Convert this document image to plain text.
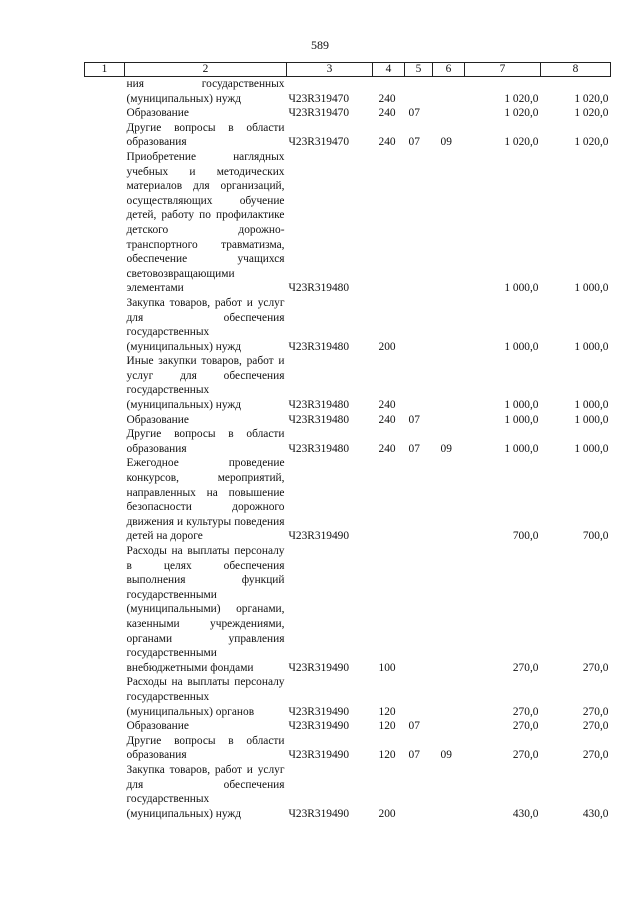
589
1	2	3	4	5	6	7	8
	ния государственных (муниципальных) нужд	Ч23R319470	240			1 020,0	1 020,0
	Образование	Ч23R319470	240	07		1 020,0	1 020,0
	Другие вопросы в области образования	Ч23R319470	240	07	09	1 020,0	1 020,0
	Приобретение наглядных учебных и методических материалов для организаций, осуществляющих обучение детей, работу по профилактике детского дорожно-транспортного травматизма, обеспечение учащихся световозвращающими элементами	Ч23R319480				1 000,0	1 000,0
	Закупка товаров, работ и услуг для обеспечения государственных (муниципальных) нужд	Ч23R319480	200			1 000,0	1 000,0
	Иные закупки товаров, работ и услуг для обеспечения государственных (муниципальных) нужд	Ч23R319480	240			1 000,0	1 000,0
	Образование	Ч23R319480	240	07		1 000,0	1 000,0
	Другие вопросы в области образования	Ч23R319480	240	07	09	1 000,0	1 000,0
	Ежегодное проведение конкурсов, мероприятий, направленных на повышение безопасности дорожного движения и культуры поведения детей на дороге	Ч23R319490				700,0	700,0
	Расходы на выплаты персоналу в целях обеспечения выполнения функций государственными (муниципальными) органами, казенными учреждениями, органами управления государственными внебюджетными фондами	Ч23R319490	100			270,0	270,0
	Расходы на выплаты персоналу государственных (муниципальных) органов	Ч23R319490	120			270,0	270,0
	Образование	Ч23R319490	120	07		270,0	270,0
	Другие вопросы в области образования	Ч23R319490	120	07	09	270,0	270,0
	Закупка товаров, работ и услуг для обеспечения государственных (муниципальных) нужд	Ч23R319490	200			430,0	430,0
